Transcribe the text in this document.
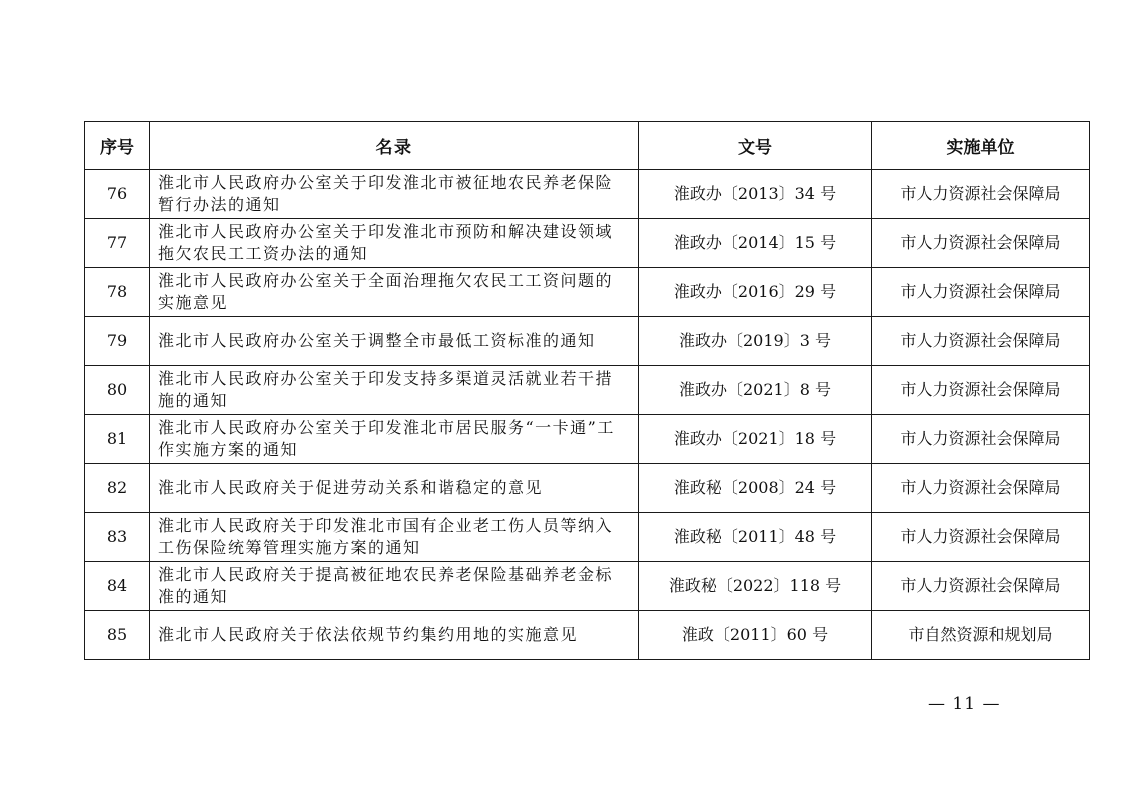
序号	名录	文号	实施单位
76	淮北市人民政府办公室关于印发淮北市被征地农民养老保险暂行办法的通知	淮政办〔2013〕34 号	市人力资源社会保障局
77	淮北市人民政府办公室关于印发淮北市预防和解决建设领域拖欠农民工工资办法的通知	淮政办〔2014〕15 号	市人力资源社会保障局
78	淮北市人民政府办公室关于全面治理拖欠农民工工资问题的实施意见	淮政办〔2016〕29 号	市人力资源社会保障局
79	淮北市人民政府办公室关于调整全市最低工资标准的通知	淮政办〔2019〕3 号	市人力资源社会保障局
80	淮北市人民政府办公室关于印发支持多渠道灵活就业若干措施的通知	淮政办〔2021〕8 号	市人力资源社会保障局
81	淮北市人民政府办公室关于印发淮北市居民服务“一卡通”工作实施方案的通知	淮政办〔2021〕18 号	市人力资源社会保障局
82	淮北市人民政府关于促进劳动关系和谐稳定的意见	淮政秘〔2008〕24 号	市人力资源社会保障局
83	淮北市人民政府关于印发淮北市国有企业老工伤人员等纳入工伤保险统筹管理实施方案的通知	淮政秘〔2011〕48 号	市人力资源社会保障局
84	淮北市人民政府关于提高被征地农民养老保险基础养老金标准的通知	淮政秘〔2022〕118 号	市人力资源社会保障局
85	淮北市人民政府关于依法依规节约集约用地的实施意见	淮政〔2011〕60 号	市自然资源和规划局
— 11 —
